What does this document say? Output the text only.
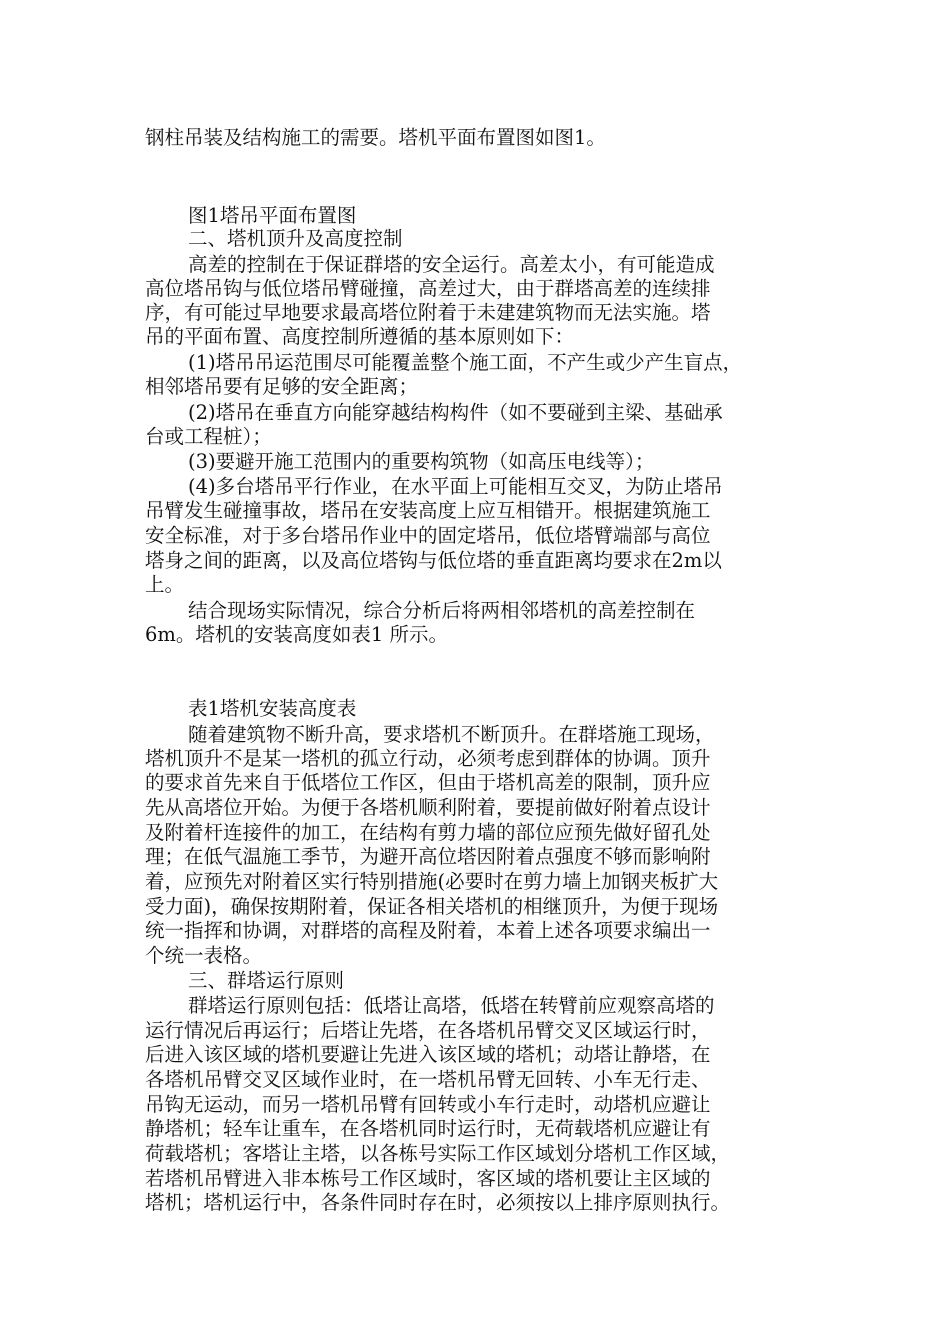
钢柱吊装及结构施工的需要。塔机平面布置图如图1。
图1塔吊平面布置图
二、塔机顶升及高度控制
高差的控制在于保证群塔的安全运行。高差太小，有可能造成
高位塔吊钩与低位塔吊臂碰撞，高差过大，由于群塔高差的连续排
序，有可能过早地要求最高塔位附着于未建建筑物而无法实施。塔
吊的平面布置、高度控制所遵循的基本原则如下：
(1)塔吊吊运范围尽可能覆盖整个施工面，不产生或少产生盲点，
相邻塔吊要有足够的安全距离；
(2)塔吊在垂直方向能穿越结构构件（如不要碰到主梁、基础承
台或工程桩）；
(3)要避开施工范围内的重要构筑物（如高压电线等）；
(4)多台塔吊平行作业，在水平面上可能相互交叉，为防止塔吊
吊臂发生碰撞事故，塔吊在安装高度上应互相错开。根据建筑施工
安全标准，对于多台塔吊作业中的固定塔吊，低位塔臂端部与高位
塔身之间的距离，以及高位塔钩与低位塔的垂直距离均要求在2m以
上。
结合现场实际情况，综合分析后将两相邻塔机的高差控制在
6m。塔机的安装高度如表1 所示。
表1塔机安装高度表
随着建筑物不断升高，要求塔机不断顶升。在群塔施工现场，
塔机顶升不是某一塔机的孤立行动，必须考虑到群体的协调。顶升
的要求首先来自于低塔位工作区，但由于塔机高差的限制，顶升应
先从高塔位开始。为便于各塔机顺利附着，要提前做好附着点设计
及附着杆连接件的加工，在结构有剪力墙的部位应预先做好留孔处
理；在低气温施工季节，为避开高位塔因附着点强度不够而影响附
着，应预先对附着区实行特别措施(必要时在剪力墙上加钢夹板扩大
受力面)，确保按期附着，保证各相关塔机的相继顶升，为便于现场
统一指挥和协调，对群塔的高程及附着，本着上述各项要求编出一
个统一表格。
三、群塔运行原则
群塔运行原则包括：低塔让高塔，低塔在转臂前应观察高塔的
运行情况后再运行；后塔让先塔，在各塔机吊臂交叉区域运行时，
后进入该区域的塔机要避让先进入该区域的塔机；动塔让静塔，在
各塔机吊臂交叉区域作业时，在一塔机吊臂无回转、小车无行走、
吊钩无运动，而另一塔机吊臂有回转或小车行走时，动塔机应避让
静塔机；轻车让重车，在各塔机同时运行时，无荷载塔机应避让有
荷载塔机；客塔让主塔，以各栋号实际工作区域划分塔机工作区域，
若塔机吊臂进入非本栋号工作区域时，客区域的塔机要让主区域的
塔机；塔机运行中，各条件同时存在时，必须按以上排序原则执行。
